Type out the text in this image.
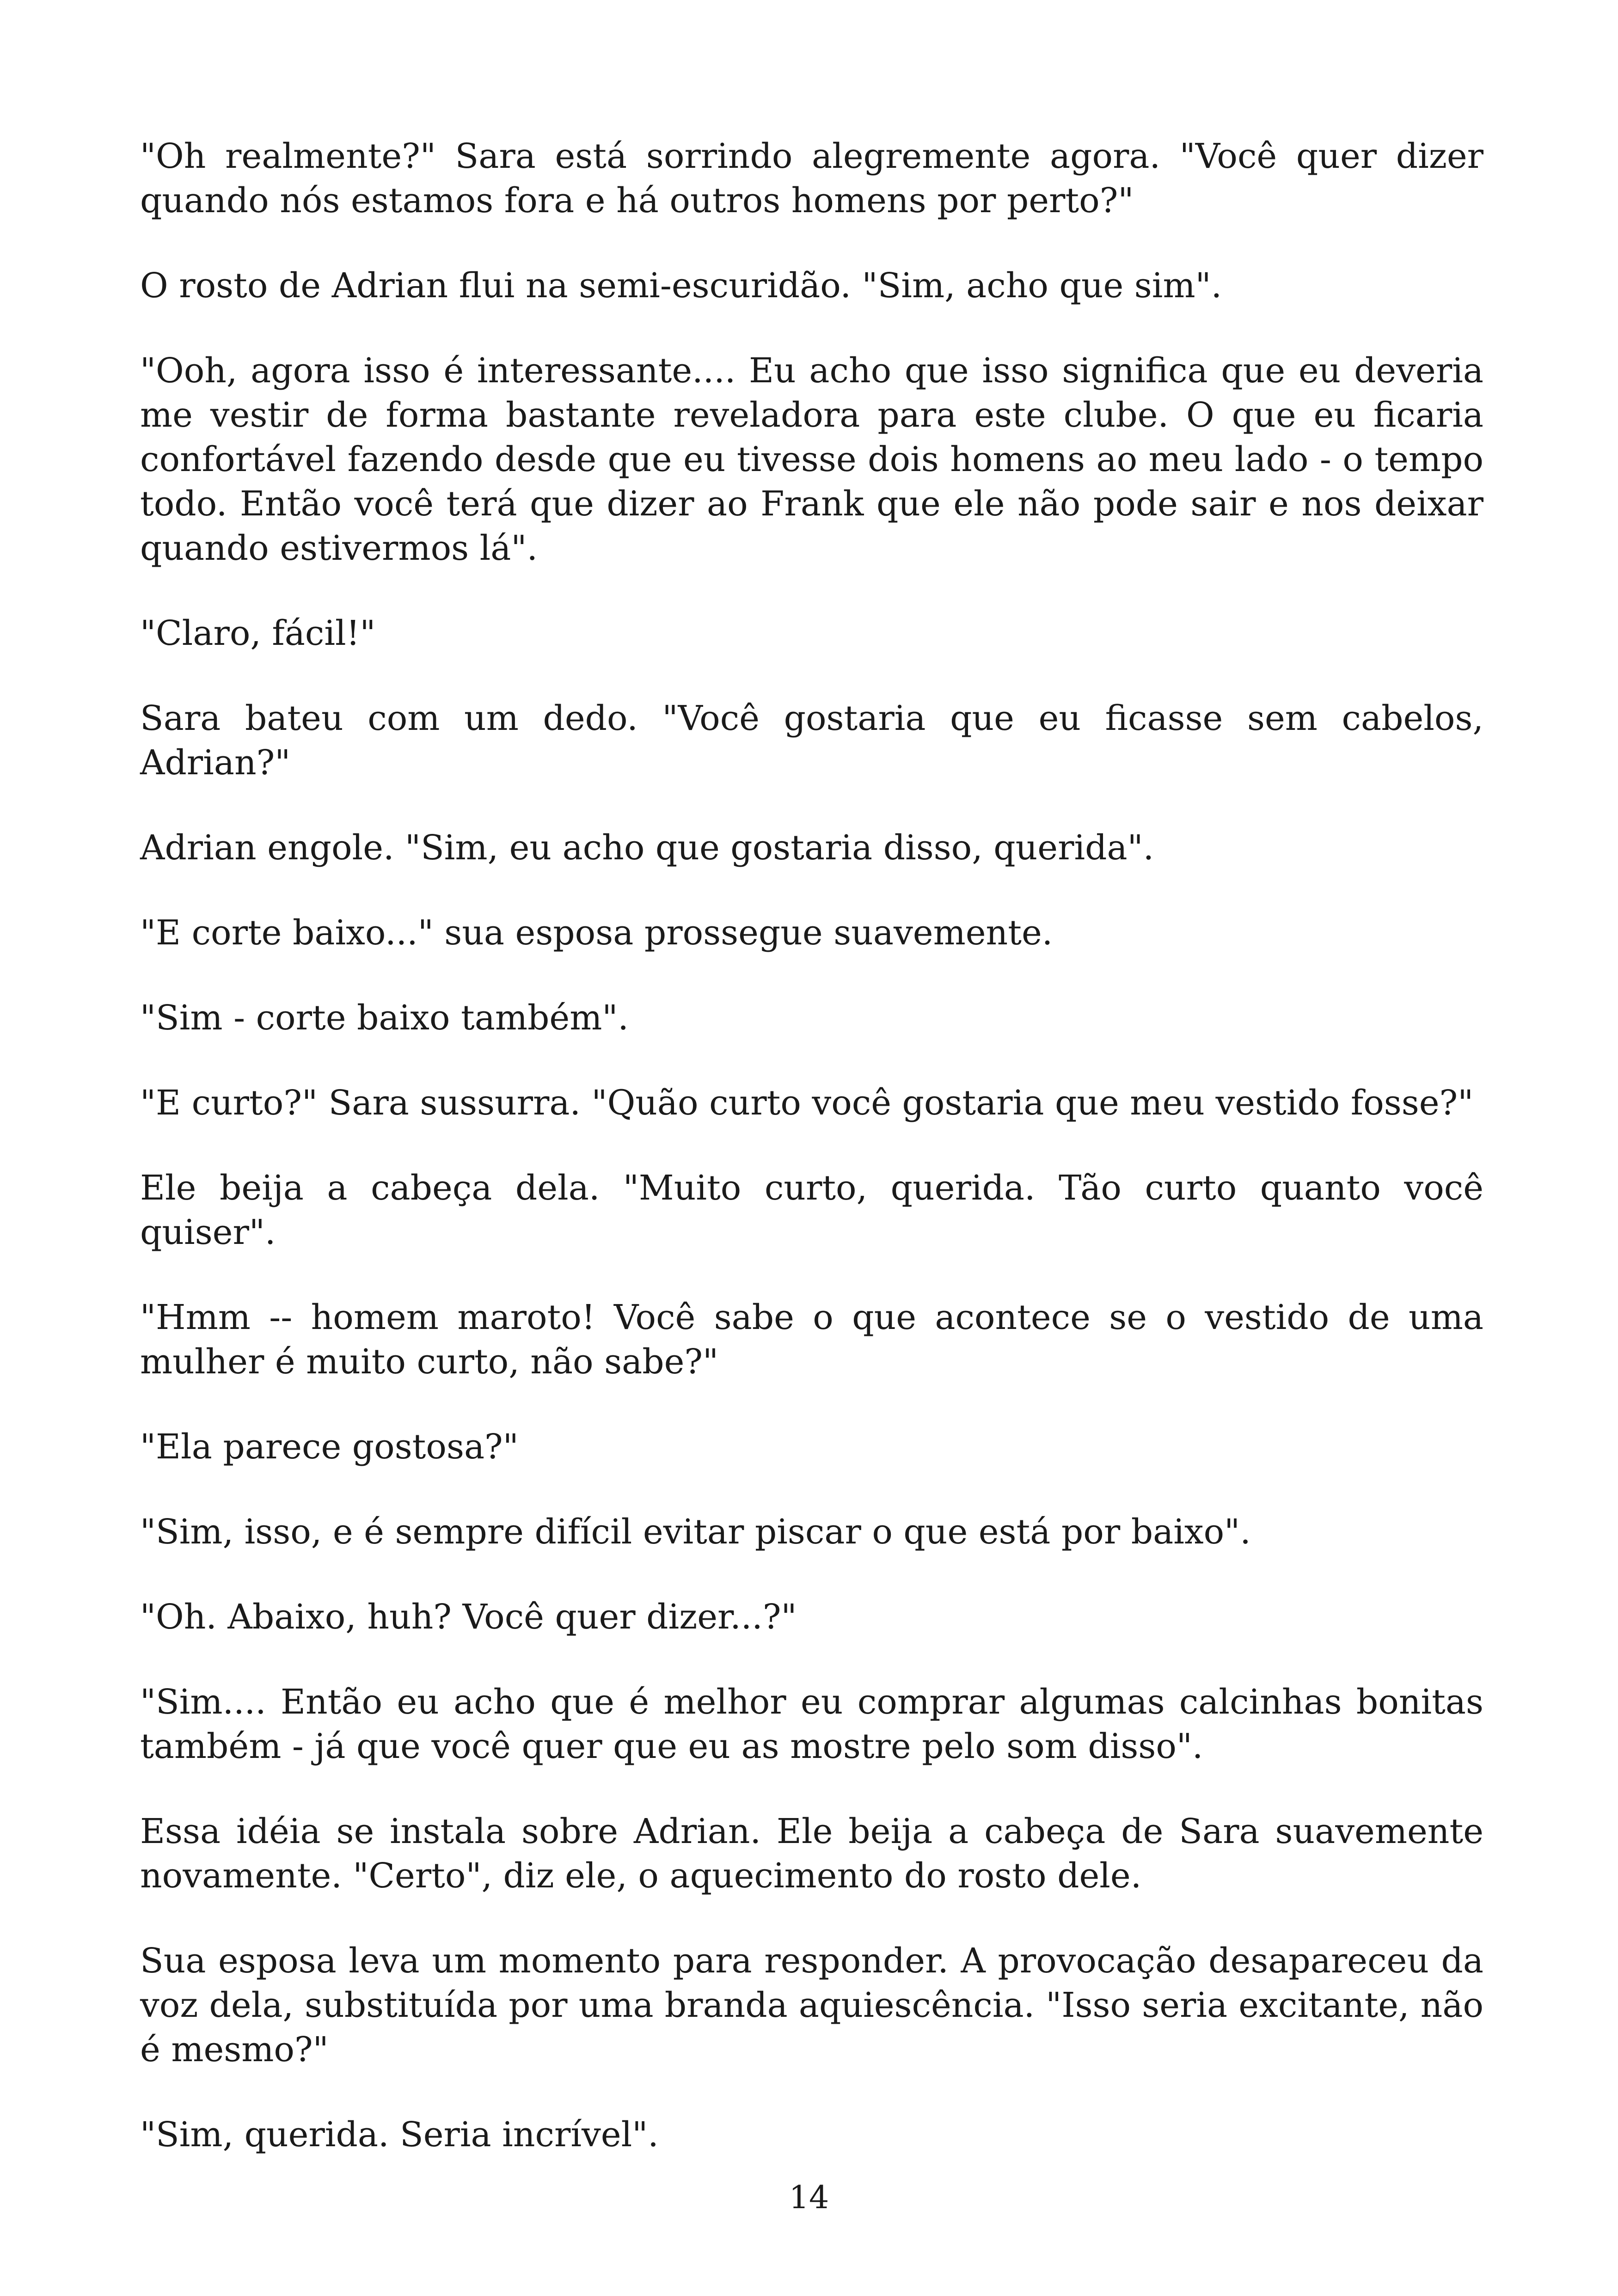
"Oh realmente?" Sara está sorrindo alegremente agora. "Você quer dizer quando nós estamos fora e há outros homens por perto?"

O rosto de Adrian flui na semi-escuridão. "Sim, acho que sim".

"Ooh, agora isso é interessante.... Eu acho que isso significa que eu deveria me vestir de forma bastante reveladora para este clube. O que eu ficaria confortável fazendo desde que eu tivesse dois homens ao meu lado - o tempo todo. Então você terá que dizer ao Frank que ele não pode sair e nos deixar quando estivermos lá".

"Claro, fácil!"

Sara bateu com um dedo. "Você gostaria que eu ficasse sem cabelos, Adrian?"

Adrian engole. "Sim, eu acho que gostaria disso, querida".

"E corte baixo..." sua esposa prossegue suavemente.

"Sim - corte baixo também".

"E curto?" Sara sussurra. "Quão curto você gostaria que meu vestido fosse?"

Ele beija a cabeça dela. "Muito curto, querida. Tão curto quanto você quiser".

"Hmm -- homem maroto! Você sabe o que acontece se o vestido de uma mulher é muito curto, não sabe?"

"Ela parece gostosa?"

"Sim, isso, e é sempre difícil evitar piscar o que está por baixo".

"Oh. Abaixo, huh? Você quer dizer...?"

"Sim.... Então eu acho que é melhor eu comprar algumas calcinhas bonitas também - já que você quer que eu as mostre pelo som disso".

Essa idéia se instala sobre Adrian. Ele beija a cabeça de Sara suavemente novamente. "Certo", diz ele, o aquecimento do rosto dele.

Sua esposa leva um momento para responder. A provocação desapareceu da voz dela, substituída por uma branda aquiescência. "Isso seria excitante, não é mesmo?"

"Sim, querida. Seria incrível".

14
